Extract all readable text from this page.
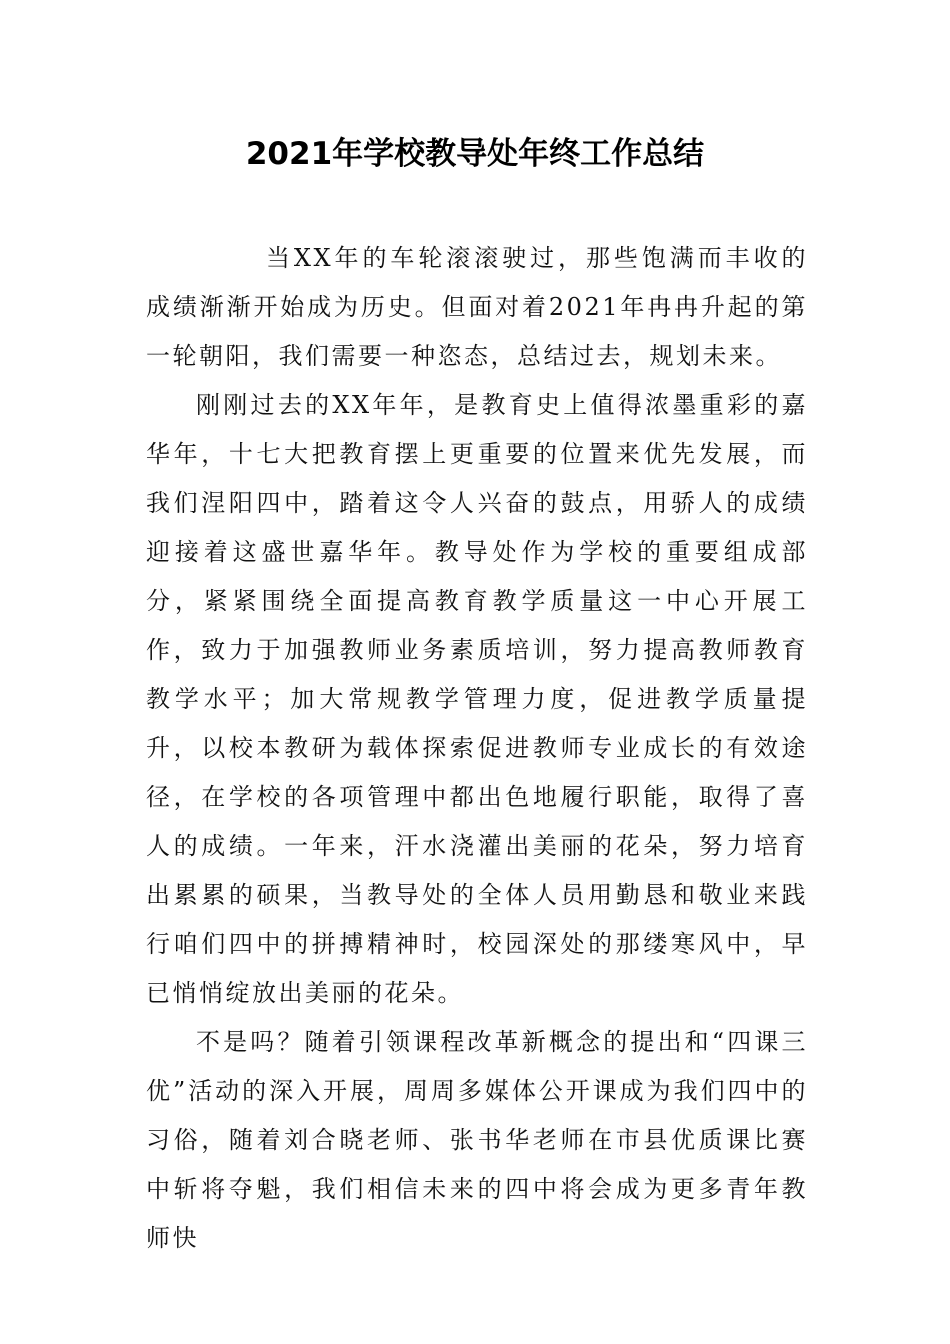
2021年学校教导处年终工作总结

当XX年的车轮滚滚驶过，那些饱满而丰收的成绩渐渐开始成为历史。但面对着2021年冉冉升起的第一轮朝阳，我们需要一种恣态，总结过去，规划未来。

刚刚过去的XX年年，是教育史上值得浓墨重彩的嘉华年，十七大把教育摆上更重要的位置来优先发展，而我们涅阳四中，踏着这令人兴奋的鼓点，用骄人的成绩迎接着这盛世嘉华年。教导处作为学校的重要组成部分，紧紧围绕全面提高教育教学质量这一中心开展工作，致力于加强教师业务素质培训，努力提高教师教育教学水平；加大常规教学管理力度，促进教学质量提升，以校本教研为载体探索促进教师专业成长的有效途径，在学校的各项管理中都出色地履行职能，取得了喜人的成绩。一年来，汗水浇灌出美丽的花朵，努力培育出累累的硕果，当教导处的全体人员用勤恳和敬业来践行咱们四中的拼搏精神时，校园深处的那缕寒风中，早已悄悄绽放出美丽的花朵。

不是吗？随着引领课程改革新概念的提出和“四课三优”活动的深入开展，周周多媒体公开课成为我们四中的习俗，随着刘合晓老师、张书华老师在市县优质课比赛中斩将夺魁，我们相信未来的四中将会成为更多青年教师快
